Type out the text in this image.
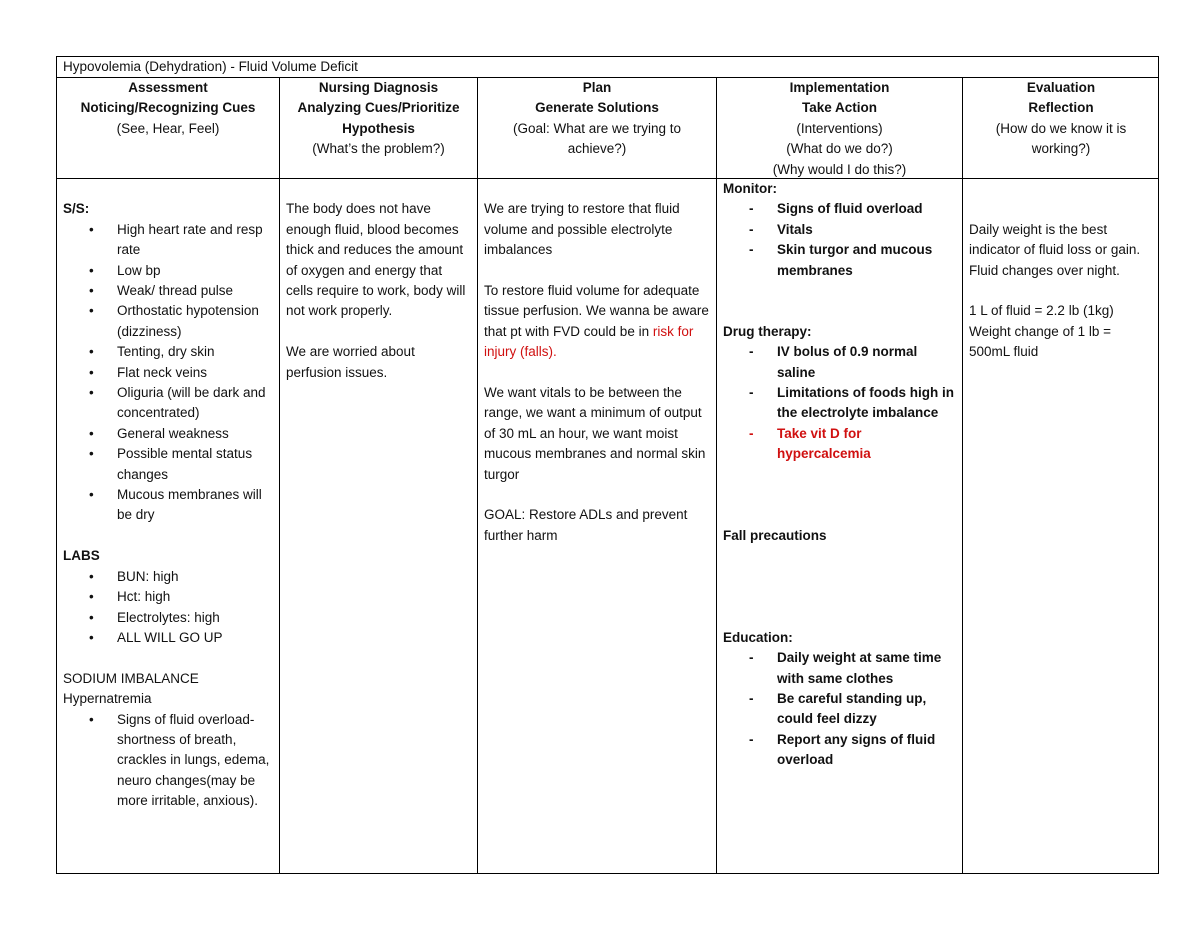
Hypovolemia (Dehydration) - Fluid Volume Deficit
Assessment
Noticing/Recognizing Cues
(See, Hear, Feel)

S/S:

• High heart rate and resp rate
• Low bp
• Weak/ thread pulse
• Orthostatic hypotension (dizziness)
• Tenting, dry skin
• Flat neck veins
• Oliguria (will be dark and concentrated)
• General weakness
• Possible mental status changes
• Mucous membranes will be dry

LABS

• BUN: high
• Hct: high
• Electrolytes: high
• ALL WILL GO UP

SODIUM IMBALANCE

Hypernatremia

• Signs of fluid overload- shortness of breath, crackles in lungs, edema, neuro changes(may be more irritable, anxious).
Nursing Diagnosis
Analyzing Cues/Prioritize
Hypothesis
(What’s the problem?)

The body does not have enough fluid, blood becomes thick and reduces the amount of oxygen and energy that cells require to work, body will not work properly.

We are worried about perfusion issues.

Plan
Generate Solutions
(Goal: What are we trying to
achieve?)

We are trying to restore that fluid volume and possible electrolyte imbalances

To restore fluid volume for adequate tissue perfusion. We wanna be aware that pt with FVD could be in risk for injury (falls).

We want vitals to be between the range, we want a minimum of output of 30 mL an hour, we want moist mucous membranes and normal skin turgor

GOAL: Restore ADLs and prevent further harm

Implementation
Take Action
(Interventions)
(What do we do?)
(Why would I do this?)

Monitor:

- Signs of fluid overload
- Vitals
- Skin turgor and mucous membranes

Drug therapy:

- IV bolus of 0.9 normal saline
- Limitations of foods high in the electrolyte imbalance
- Take vit D for hypercalcemia

Fall precautions

Education:

- Daily weight at same time with same clothes
- Be careful standing up, could feel dizzy
- Report any signs of fluid overload
Evaluation
Reflection
(How do we know it is
working?)

Daily weight is the best indicator of fluid loss or gain. Fluid changes over night.

1 L of fluid = 2.2 lb (1kg) Weight change of 1 lb = 500mL fluid
